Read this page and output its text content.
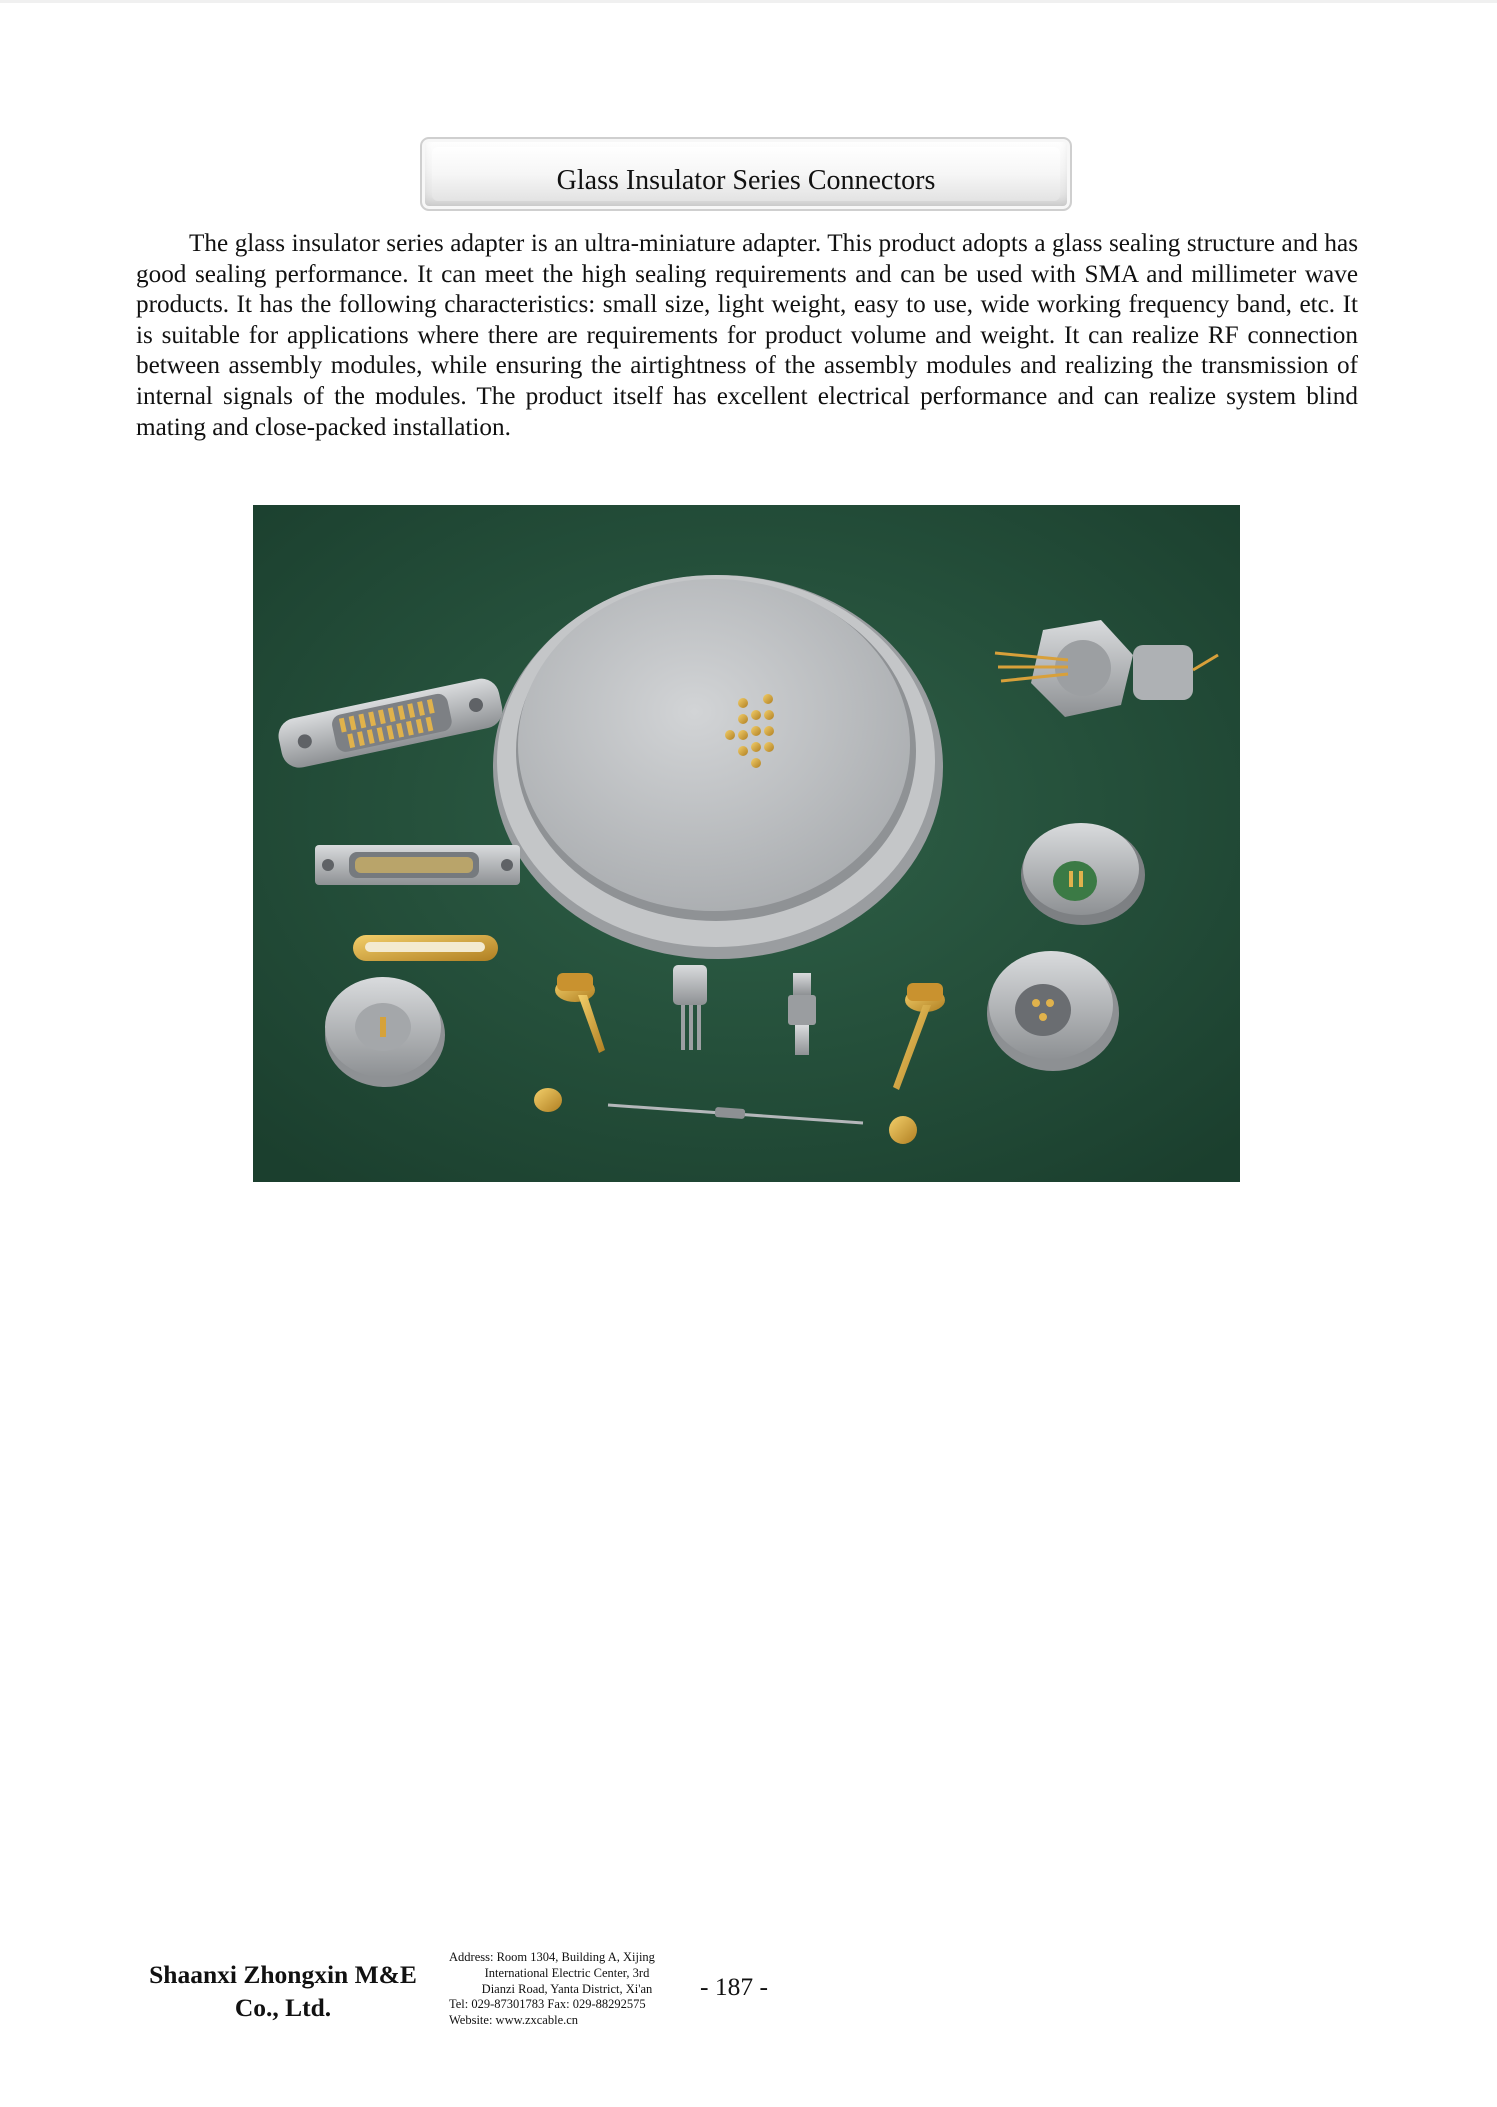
Glass Insulator Series Connectors

The glass insulator series adapter is an ultra-miniature adapter. This product adopts a glass sealing structure and has good sealing performance. It can meet the high sealing requirements and can be used with SMA and millimeter wave products. It has the following characteristics: small size, light weight, easy to use, wide working frequency band, etc. It is suitable for applications where there are requirements for product volume and weight. It can realize RF connection between assembly modules, while ensuring the airtightness of the assembly modules and realizing the transmission of internal signals of the modules. The product itself has excellent electrical performance and can realize system blind mating and close-packed installation.

Shaanxi Zhongxin M&E
Co., Ltd.
Address: Room 1304, Building A, Xijing
International Electric Center, 3rd
Dianzi Road, Yanta District, Xi'an
Tel: 029-87301783 Fax: 029-88292575
Website: www.zxcable.cn
- 187 -
